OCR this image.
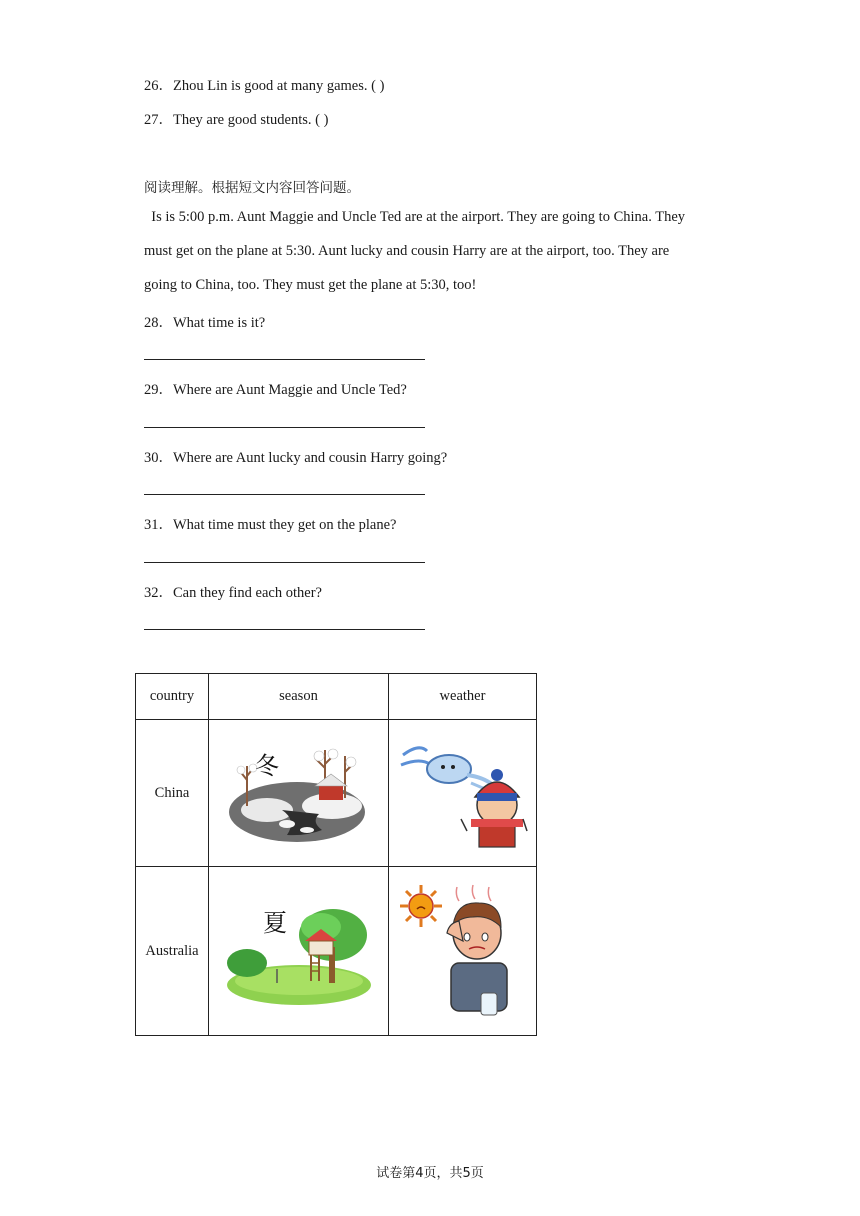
26．Zhou Lin is good at many games. ( )
27．They are good students. ( )
阅读理解。根据短文内容回答问题。
Is is 5:00 p.m. Aunt Maggie and Uncle Ted are at the airport. They are going to China. They
must get on the plane at 5:30. Aunt lucky and cousin Harry are at the airport, too. They are
going to China, too. They must get the plane at 5:30, too!
28．What time is it?
29．Where are Aunt Maggie and Uncle Ted?
30．Where are Aunt lucky and cousin Harry going?
31．What time must they get on the plane?
32．Can they find each other?
country	season	weather
China	冬

Australia	夏

试卷第4页，共5页
